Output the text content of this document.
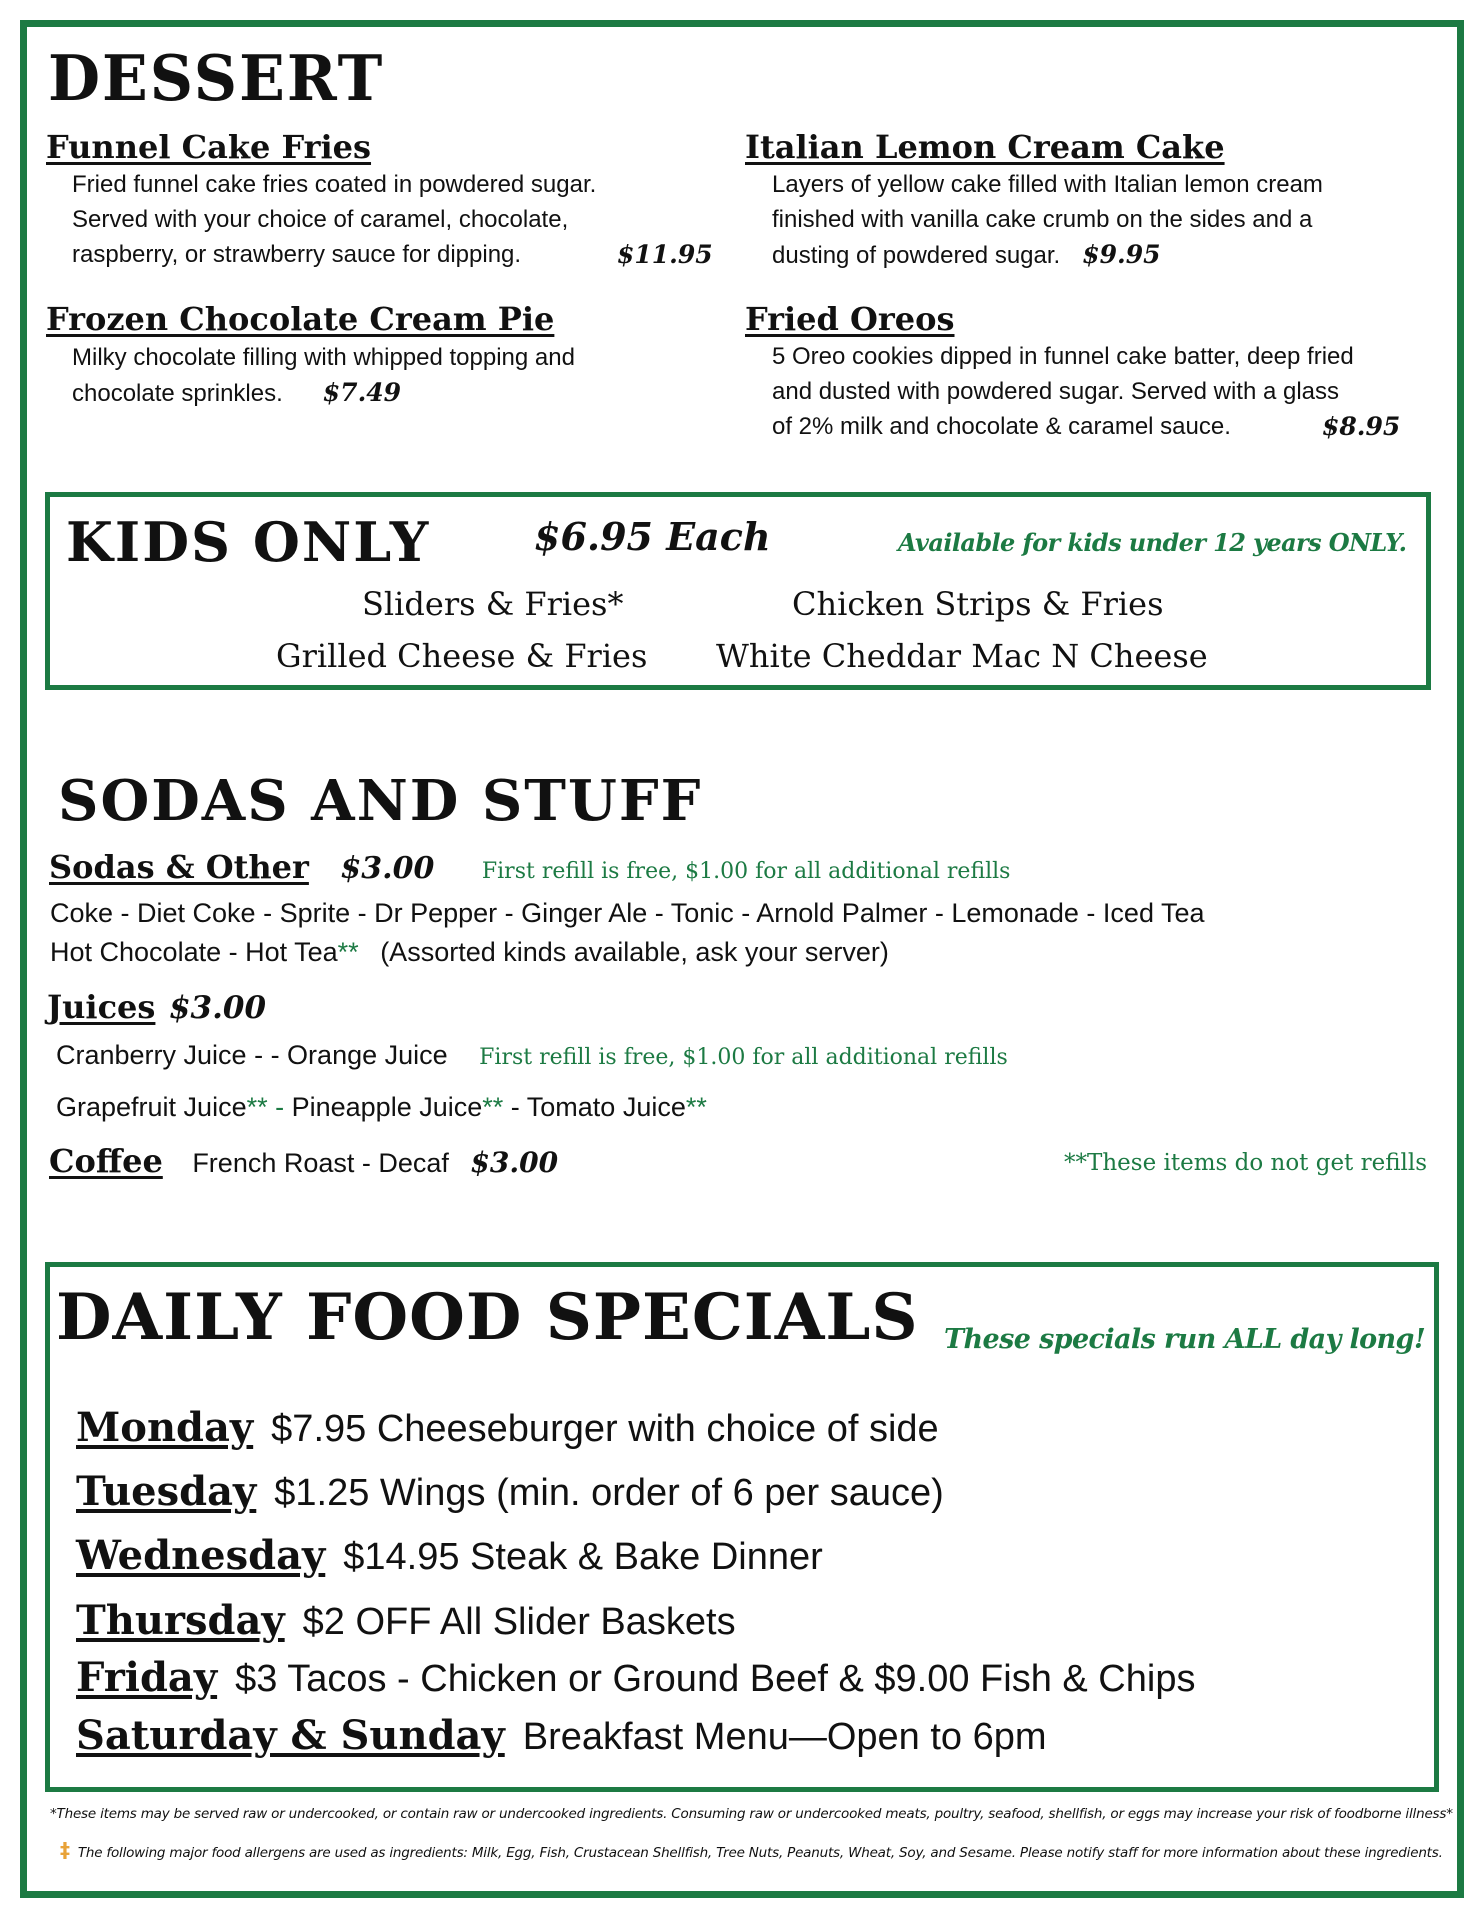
DESSERT
Funnel Cake Fries
Fried funnel cake fries coated in powdered sugar.
Served with your choice of caramel, chocolate,
raspberry, or strawberry sauce for dipping.	$11.95
Italian Lemon Cream Cake
Layers of yellow cake filled with Italian lemon cream
finished with vanilla cake crumb on the sides and a
dusting of powdered sugar. $9.95
Frozen Chocolate Cream Pie
Milky chocolate filling with whipped topping and
chocolate sprinkles. $7.49
Fried Oreos
5 Oreo cookies dipped in funnel cake batter, deep fried
and dusted with powdered sugar. Served with a glass
of 2% milk and chocolate & caramel sauce.	$8.95
KIDS ONLY	$6.95 Each	Available for kids under 12 years ONLY.
Sliders & Fries*	Chicken Strips & Fries
Grilled Cheese & Fries White Cheddar Mac N Cheese
SODAS AND STUFF
Sodas & Other $3.00 First refill is free, $1.00 for all additional refills
Coke - Diet Coke - Sprite - Dr Pepper - Ginger Ale - Tonic - Arnold Palmer - Lemonade - Iced Tea
Hot Chocolate - Hot Tea** (Assorted kinds available, ask your server)
Juices $3.00
Cranberry Juice - - Orange Juice First refill is free, $1.00 for all additional refills
Grapefruit Juice** - Pineapple Juice** - Tomato Juice**
Coffee French Roast - Decaf $3.00	**These items do not get refills
DAILY FOOD SPECIALS These specials run ALL day long!
Monday $7.95 Cheeseburger with choice of side
Tuesday $1.25 Wings (min. order of 6 per sauce)
Wednesday $14.95 Steak & Bake Dinner
Thursday $2 OFF All Slider Baskets
Friday $3 Tacos - Chicken or Ground Beef & $9.00 Fish & Chips
Saturday & Sunday Breakfast Menu—Open to 6pm
*These items may be served raw or undercooked, or contain raw or undercooked ingredients. Consuming raw or undercooked meats, poultry, seafood, shellfish, or eggs may increase your risk of foodborne illness*
‡ The following major food allergens are used as ingredients: Milk, Egg, Fish, Crustacean Shellfish, Tree Nuts, Peanuts, Wheat, Soy, and Sesame. Please notify staff for more information about these ingredients.
